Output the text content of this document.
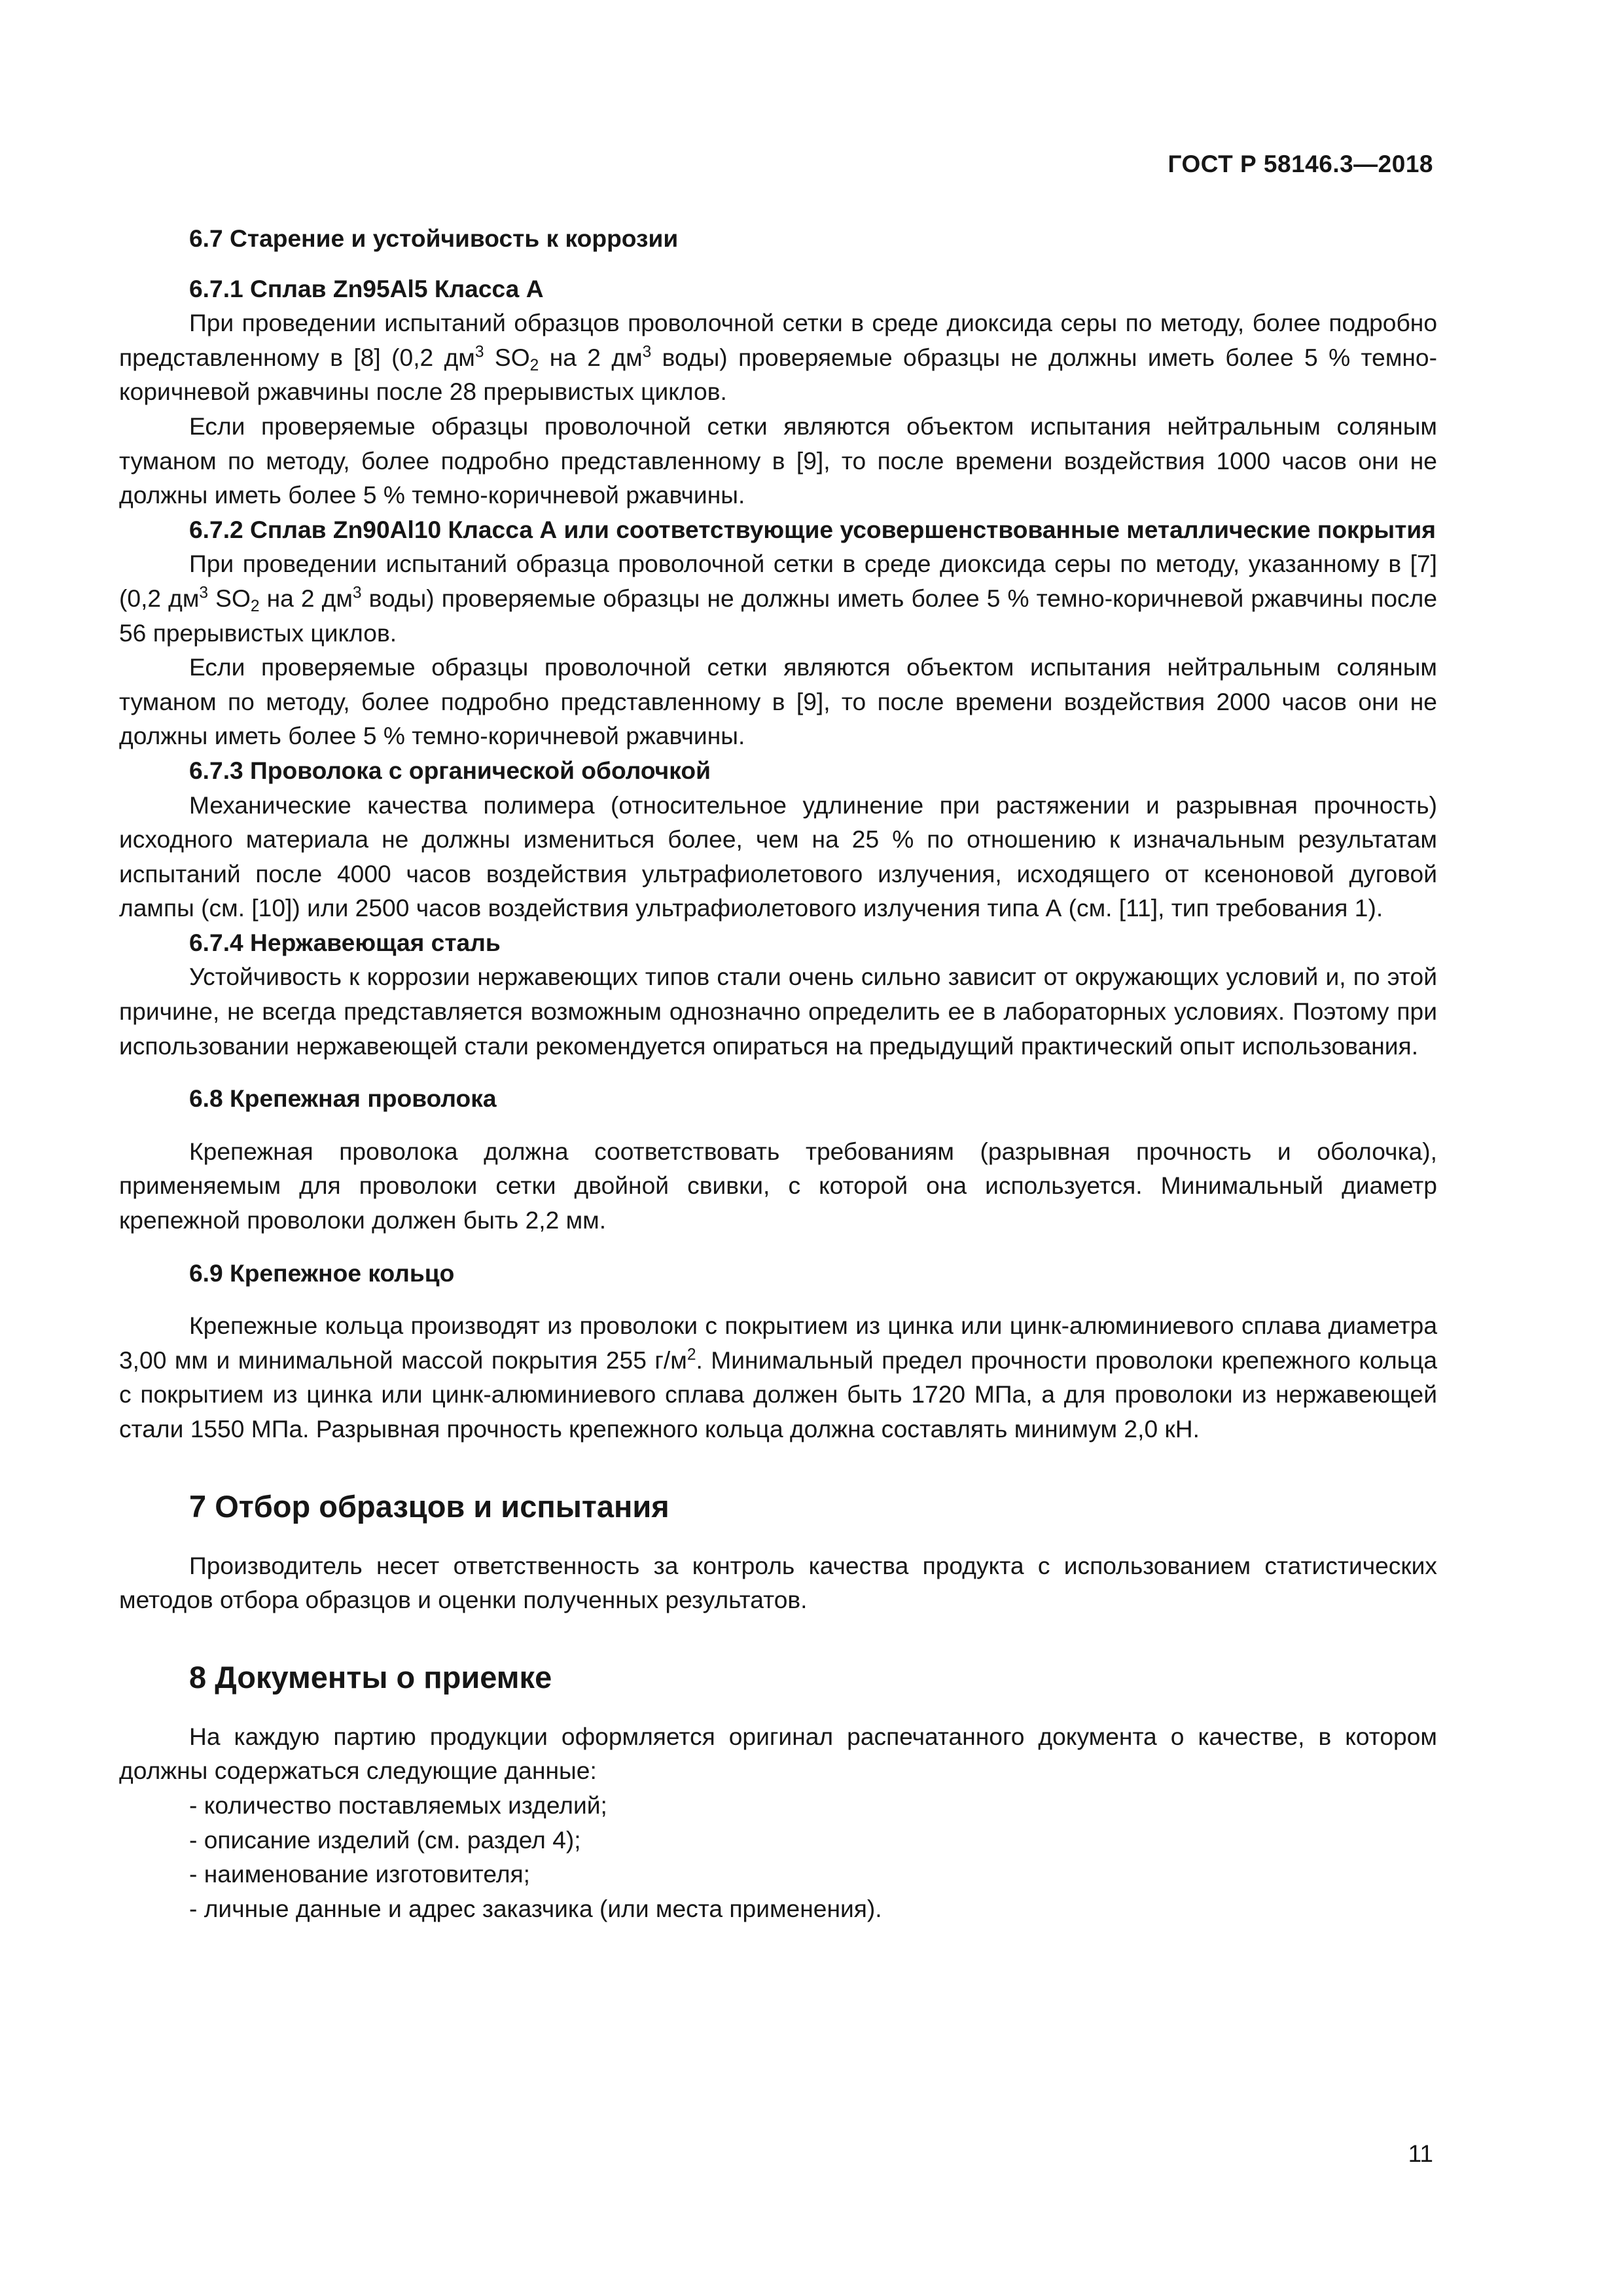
ГОСТ Р 58146.3—2018
6.7 Старение и устойчивость к коррозии
6.7.1 Сплав Zn95Al5 Класса А

При проведении испытаний образцов проволочной сетки в среде диоксида серы по методу, более подробно представленному в [8] (0,2 $дм^3$ $SO_2$ на 2 $дм^3$ воды) проверяемые образцы не должны иметь более 5 % темно-коричневой ржавчины после 28 прерывистых циклов.

Если проверяемые образцы проволочной сетки являются объектом испытания нейтральным соляным туманом по методу, более подробно представленному в [9], то после времени воздействия 1000 часов они не должны иметь более 5 % темно-коричневой ржавчины.

6.7.2 Сплав Zn90Al10 Класса А или соответствующие усовершенствованные металлические покрытия

При проведении испытаний образца проволочной сетки в среде диоксида серы по методу, указанному в [7] (0,2 $дм^3$ $SO_2$ на 2 $дм^3$ воды) проверяемые образцы не должны иметь более 5 % темно-коричневой ржавчины после 56 прерывистых циклов.

Если проверяемые образцы проволочной сетки являются объектом испытания нейтральным соляным туманом по методу, более подробно представленному в [9], то после времени воздействия 2000 часов они не должны иметь более 5 % темно-коричневой ржавчины.

6.7.3 Проволока с органической оболочкой

Механические качества полимера (относительное удлинение при растяжении и разрывная прочность) исходного материала не должны измениться более, чем на 25 % по отношению к изначальным результатам испытаний после 4000 часов воздействия ультрафиолетового излучения, исходящего от ксеноновой дуговой лампы (см. [10]) или 2500 часов воздействия ультрафиолетового излучения типа А (см. [11], тип требования 1).

6.7.4 Нержавеющая сталь

Устойчивость к коррозии нержавеющих типов стали очень сильно зависит от окружающих условий и, по этой причине, не всегда представляется возможным однозначно определить ее в лабораторных условиях. Поэтому при использовании нержавеющей стали рекомендуется опираться на предыдущий практический опыт использования.

6.8 Крепежная проволока

Крепежная проволока должна соответствовать требованиям (разрывная прочность и оболочка), применяемым для проволоки сетки двойной свивки, с которой она используется. Минимальный диаметр крепежной проволоки должен быть 2,2 мм.

6.9 Крепежное кольцо

Крепежные кольца производят из проволоки с покрытием из цинка или цинк-алюминиевого сплава диаметра 3,00 мм и минимальной массой покрытия 255 $г/м^2$. Минимальный предел прочности проволоки крепежного кольца с покрытием из цинка или цинк-алюминиевого сплава должен быть 1720 МПа, а для проволоки из нержавеющей стали 1550 МПа. Разрывная прочность крепежного кольца должна составлять минимум 2,0 кН.

7 Отбор образцов и испытания

Производитель несет ответственность за контроль качества продукта с использованием статистических методов отбора образцов и оценки полученных результатов.

8 Документы о приемке

На каждую партию продукции оформляется оригинал распечатанного документа о качестве, в котором должны содержаться следующие данные:

- количество поставляемых изделий;
- описание изделий (см. раздел 4);
- наименование изготовителя;
- личные данные и адрес заказчика (или места применения).
11
